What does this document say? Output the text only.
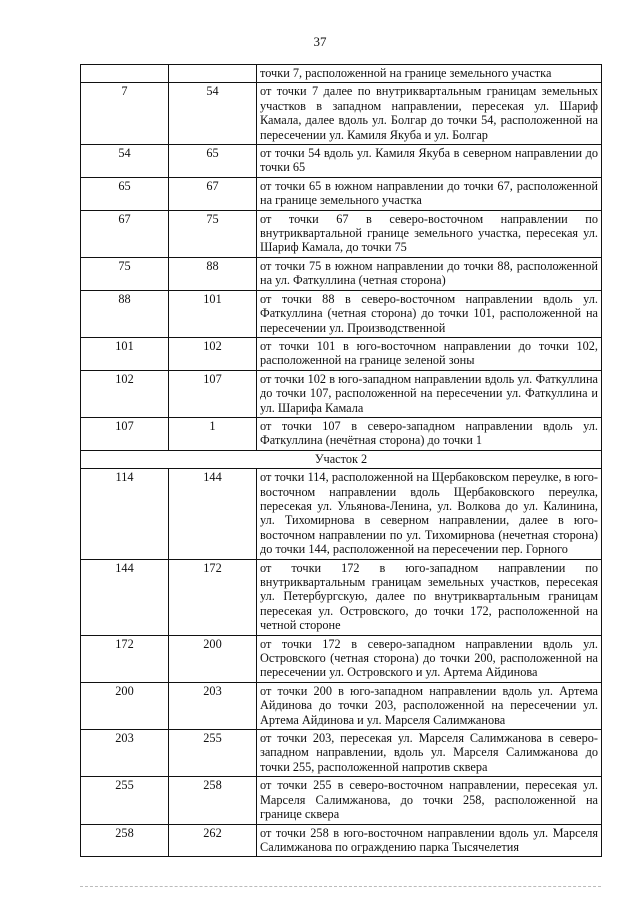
37
		точки 7, расположенной на границе земельного участка
7	54	от точки 7 далее по внутриквартальным границам земельных участков в западном направлении, пересекая ул. Шариф Камала, далее вдоль ул. Болгар до точки 54, расположенной на пересечении ул. Камиля Якуба и ул. Болгар
54	65	от точки 54 вдоль ул. Камиля Якуба в северном направлении до точки 65
65	67	от точки 65 в южном направлении до точки 67, расположенной на границе земельного участка
67	75	от точки 67 в северо-восточном направлении по внутриквартальной границе земельного участка, пересекая ул. Шариф Камала, до точки 75
75	88	от точки 75 в южном направлении до точки 88, расположенной на ул. Фаткуллина (четная сторона)
88	101	от точки 88 в северо-восточном направлении вдоль ул. Фаткуллина (четная сторона) до точки 101, расположенной на пересечении ул. Производственной
101	102	от точки 101 в юго-восточном направлении до точки 102, расположенной на границе зеленой зоны
102	107	от точки 102 в юго-западном направлении вдоль ул. Фаткуллина до точки 107, расположенной на пересечении ул. Фаткуллина и ул. Шарифа Камала
107	1	от точки 107 в северо-западном направлении вдоль ул. Фаткуллина (нечётная сторона) до точки 1
Участок 2		
114	144	от точки 114, расположенной на Щербаковском переулке, в юго-восточном направлении вдоль Щербаковского переулка, пересекая ул. Ульянова-Ленина, ул. Волкова до ул. Калинина, ул. Тихомирнова в северном направлении, далее в юго-восточном направлении по ул. Тихомирнова (нечетная сторона) до точки 144, расположенной на пересечении пер. Горного
144	172	от точки 172 в юго-западном направлении по внутриквартальным границам земельных участков, пересекая ул. Петербургскую, далее по внутриквартальным границам пересекая ул. Островского, до точки 172, расположенной на четной стороне
172	200	от точки 172 в северо-западном направлении вдоль ул. Островского (четная сторона) до точки 200, расположенной на пересечении ул. Островского и ул. Артема Айдинова
200	203	от точки 200 в юго-западном направлении вдоль ул. Артема Айдинова до точки 203, расположенной на пересечении ул. Артема Айдинова и ул. Марселя Салимжанова
203	255	от точки 203, пересекая ул. Марселя Салимжанова в северо-западном направлении, вдоль ул. Марселя Салимжанова до точки 255, расположенной напротив сквера
255	258	от точки 255 в северо-восточном направлении, пересекая ул. Марселя Салимжанова, до точки 258, расположенной на границе сквера
258	262	от точки 258 в юго-восточном направлении вдоль ул. Марселя Салимжанова по ограждению парка Тысячелетия
